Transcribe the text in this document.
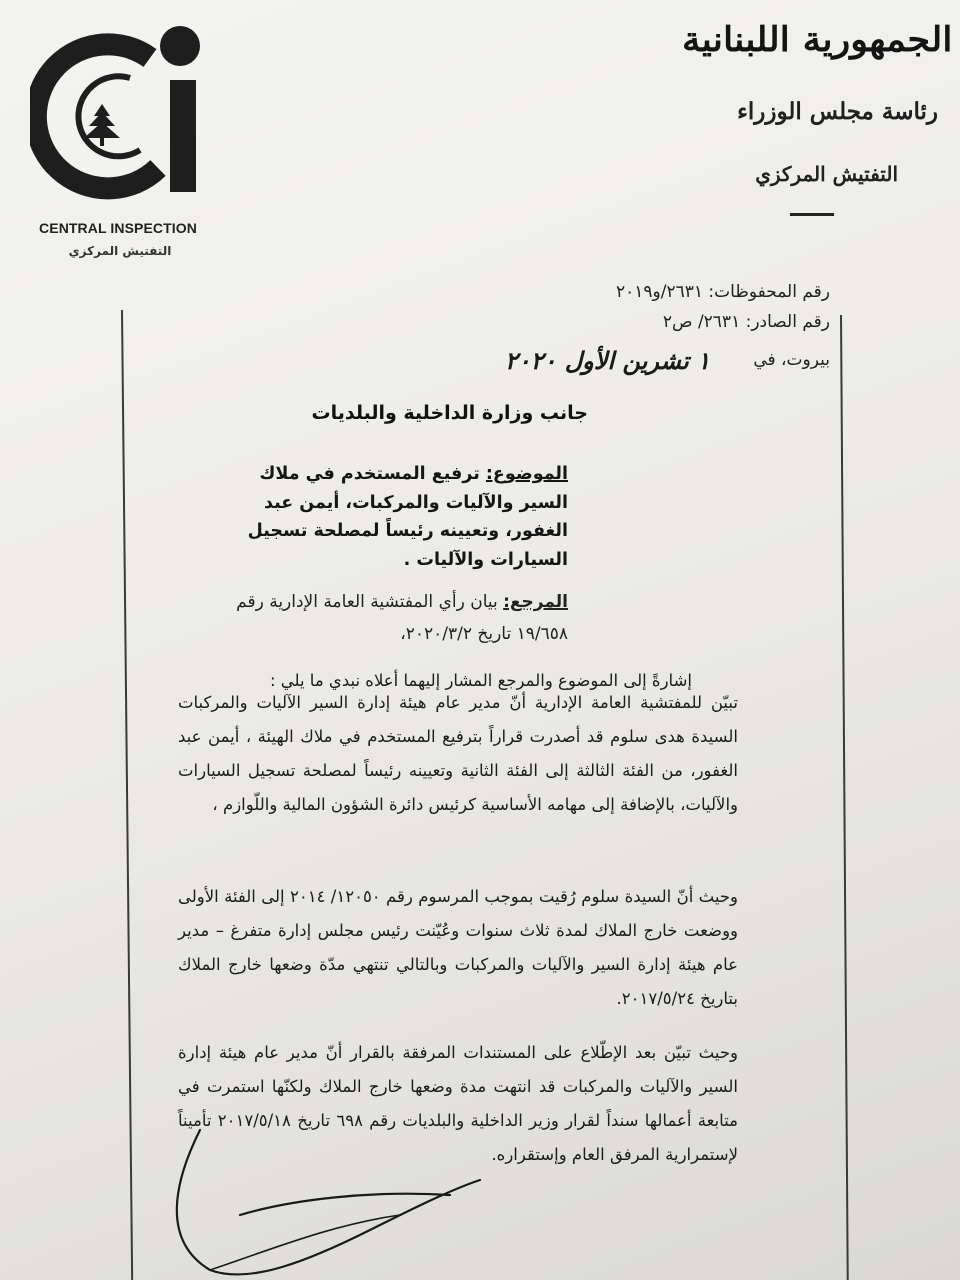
CENTRAL INSPECTION
التفتيش المركزي
الجمهورية اللبنانية
رئاسة مجلس الوزراء
التفتيش المركزي
رقم المحفوظات: ٢٦٣١/و٢٠١٩
رقم الصادر: ٢٦٣١/ ص٢
بيروت، في
١ تشرين الأول ٢٠٢٠
جانب وزارة الداخلية والبلديات
الموضوع: ترفيع المستخدم في ملاك السير والآليات والمركبات، أيمن عبد الغفور، وتعيينه رئيساً لمصلحة تسجيل السيارات والآليات .
المرجع: بيان رأي المفتشية العامة الإدارية رقم ١٩/٦٥٨ تاريخ ٢٠٢٠/٣/٢،
إشارةً إلى الموضوع والمرجع المشار إليهما أعلاه نبدي ما يلي :
تبيّن للمفتشية العامة الإدارية أنّ مدير عام هيئة إدارة السير الآليات والمركبات السيدة هدى سلوم قد أصدرت قراراً بترفيع المستخدم في ملاك الهيئة ، أيمن عبد الغفور، من الفئة الثالثة إلى الفئة الثانية وتعيينه رئيساً لمصلحة تسجيل السيارات والآليات، بالإضافة إلى مهامه الأساسية كرئيس دائرة الشؤون المالية واللّوازم ،
وحيث أنّ السيدة سلوم رُقيت بموجب المرسوم رقم ١٢٠٥٠/ ٢٠١٤ إلى الفئة الأولى ووضعت خارج الملاك لمدة ثلاث سنوات وعُيّنت رئيس مجلس إدارة متفرغ – مدير عام هيئة إدارة السير والآليات والمركبات وبالتالي تنتهي مدّة وضعها خارج الملاك بتاريخ ٢٠١٧/٥/٢٤.
وحيث تبيّن بعد الإطّلاع على المستندات المرفقة بالقرار أنّ مدير عام هيئة إدارة السير والآليات والمركبات قد انتهت مدة وضعها خارج الملاك ولكنّها استمرت في متابعة أعمالها سنداً لقرار وزير الداخلية والبلديات رقم ٦٩٨ تاريخ ٢٠١٧/٥/١٨ تأميناً لإستمرارية المرفق العام وإستقراره.
